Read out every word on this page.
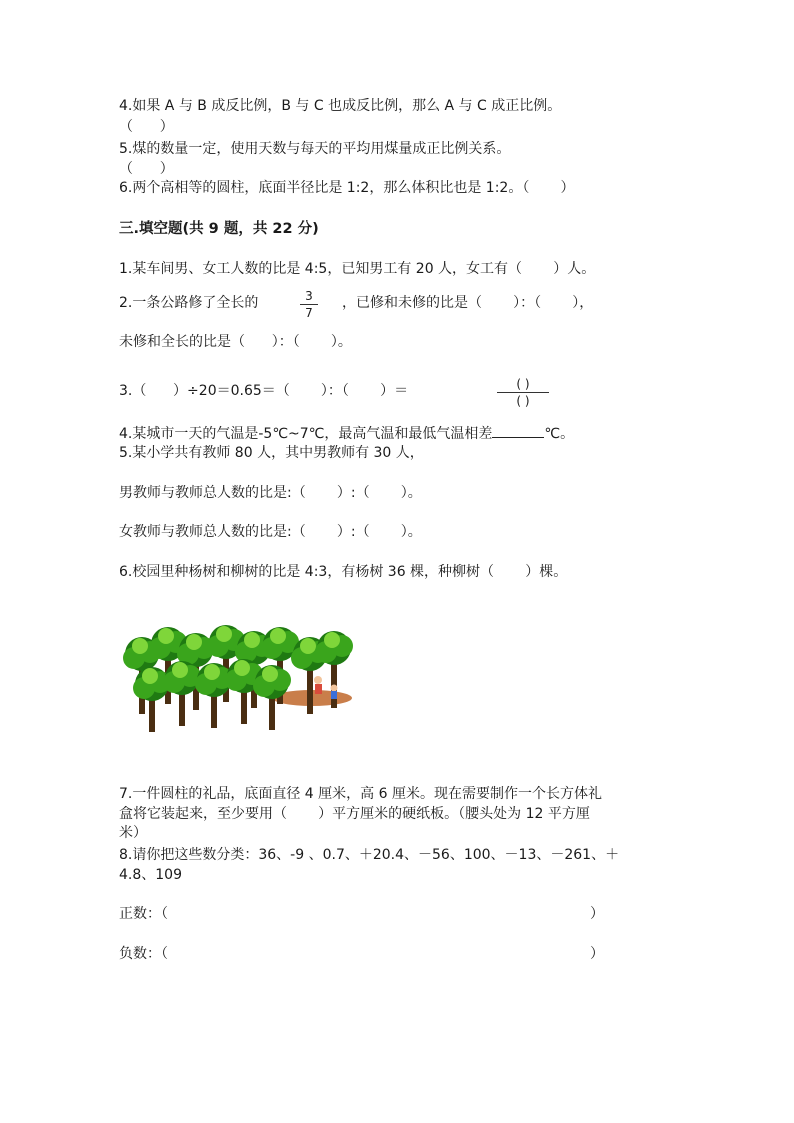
4.如果 A 与 B 成反比例，B 与 C 也成反比例，那么 A 与 C 成正比例。
（      ）
5.煤的数量一定，使用天数与每天的平均用煤量成正比例关系。
（      ）
6.两个高相等的圆柱，底面半径比是 1:2，那么体积比也是 1:2。（       ）
三.填空题(共 9 题，共 22 分)
1.某车间男、女工人数的比是 4:5，已知男工有 20 人，女工有（       ）人。
2.一条公路修了全长的	3
7
，已修和未修的比是（       ）：（       ），
未修和全长的比是（      ）：（       ）。
3.（      ）÷20＝0.65＝（       ）：（       ）＝	( )
( )
4.某城市一天的气温是-5℃~7℃，最高气温和最低气温相差	℃。
5.某小学共有教师 80 人，其中男教师有 30 人，
男教师与教师总人数的比是:（       ）:（       ）。
女教师与教师总人数的比是:（       ）:（       ）。
6.校园里种杨树和柳树的比是 4:3，有杨树 36 棵，种柳树（       ）棵。
7.一件圆柱的礼品，底面直径 4 厘米，高 6 厘米。现在需要制作一个长方体礼
盒将它装起来，至少要用（       ）平方厘米的硬纸板。（腰头处为 12 平方厘
米）
8.请你把这些数分类：36、-9 、0.7、＋20.4、－56、100、－13、－261、＋
4.8、109
正数：（	）
负数：（	）
